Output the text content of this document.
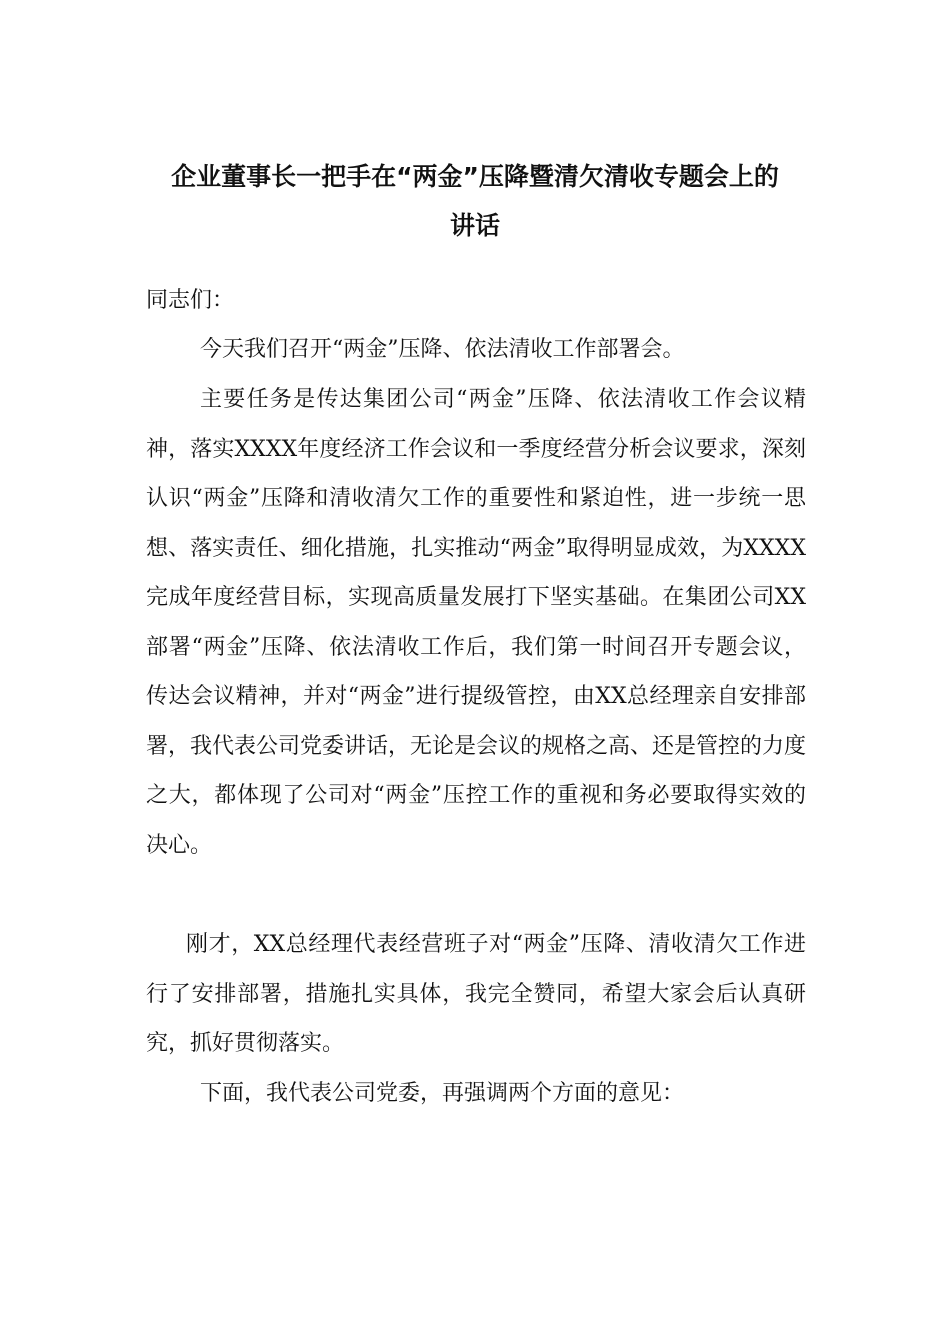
企业董事长一把手在“两金”压降暨清欠清收专题会上的
讲话

同志们：

今天我们召开“两金”压降、依法清收工作部署会。

主要任务是传达集团公司“两金”压降、依法清收工作会议精神，落实XXXX年度经济工作会议和一季度经营分析会议要求，深刻认识“两金”压降和清收清欠工作的重要性和紧迫性，进一步统一思想、落实责任、细化措施，扎实推动“两金”取得明显成效，为XXXX完成年度经营目标，实现高质量发展打下坚实基础。在集团公司XX部署“两金”压降、依法清收工作后，我们第一时间召开专题会议，传达会议精神，并对“两金”进行提级管控，由XX总经理亲自安排部署，我代表公司党委讲话，无论是会议的规格之高、还是管控的力度之大，都体现了公司对“两金”压控工作的重视和务必要取得实效的决心。

刚才，XX总经理代表经营班子对“两金”压降、清收清欠工作进行了安排部署，措施扎实具体，我完全赞同，希望大家会后认真研究，抓好贯彻落实。

下面，我代表公司党委，再强调两个方面的意见：
